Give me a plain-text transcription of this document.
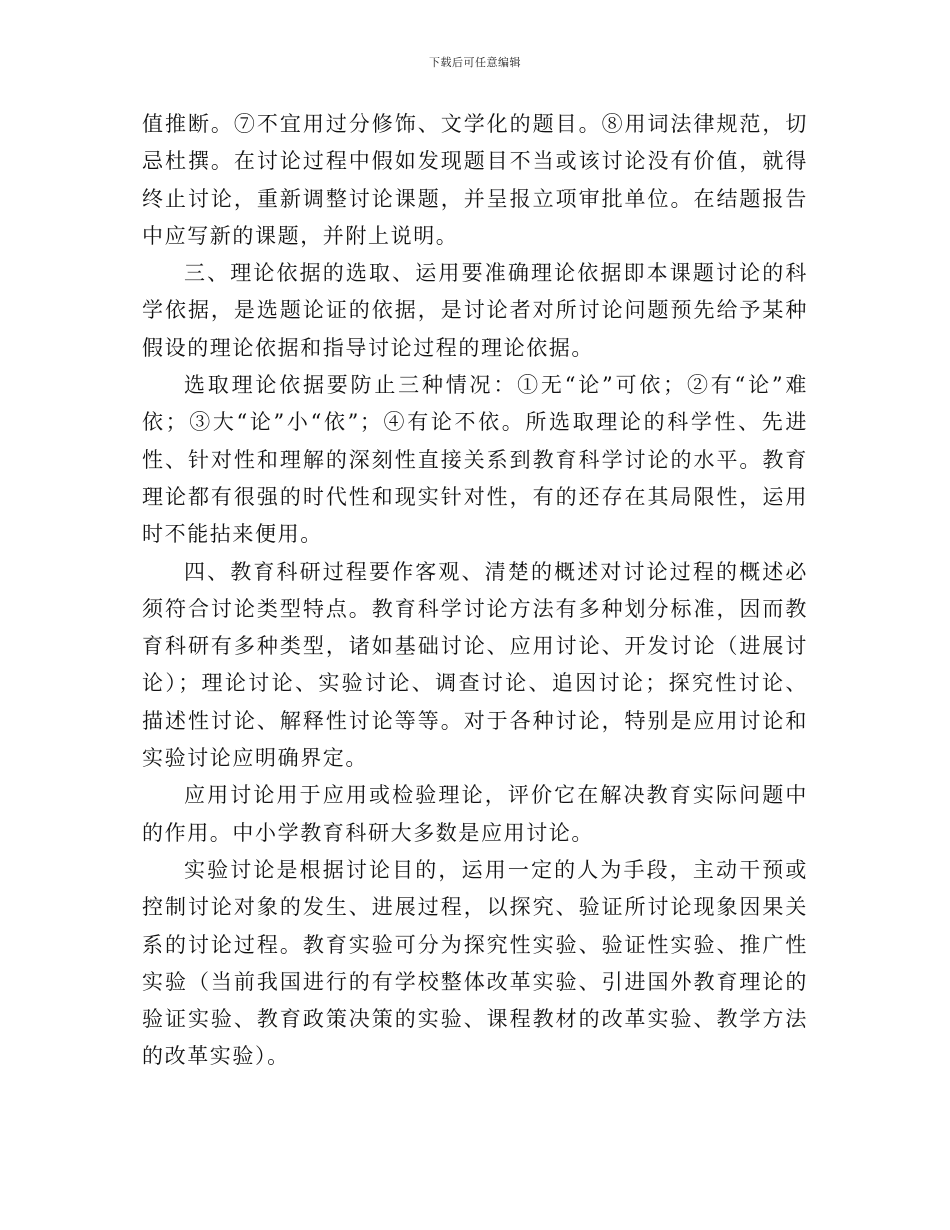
下载后可任意编辑

值推断。⑦不宜用过分修饰、文学化的题目。⑧用词法律规范，切忌杜撰。在讨论过程中假如发现题目不当或该讨论没有价值，就得终止讨论，重新调整讨论课题，并呈报立项审批单位。在结题报告中应写新的课题，并附上说明。

三、理论依据的选取、运用要准确理论依据即本课题讨论的科学依据，是选题论证的依据，是讨论者对所讨论问题预先给予某种假设的理论依据和指导讨论过程的理论依据。

选取理论依据要防止三种情况：①无“论”可依；②有“论”难依；③大“论”小“依”；④有论不依。所选取理论的科学性、先进性、针对性和理解的深刻性直接关系到教育科学讨论的水平。教育理论都有很强的时代性和现实针对性，有的还存在其局限性，运用时不能拈来便用。

四、教育科研过程要作客观、清楚的概述对讨论过程的概述必须符合讨论类型特点。教育科学讨论方法有多种划分标准，因而教育科研有多种类型，诸如基础讨论、应用讨论、开发讨论（进展讨论）；理论讨论、实验讨论、调查讨论、追因讨论；探究性讨论、描述性讨论、解释性讨论等等。对于各种讨论，特别是应用讨论和实验讨论应明确界定。

应用讨论用于应用或检验理论，评价它在解决教育实际问题中的作用。中小学教育科研大多数是应用讨论。

实验讨论是根据讨论目的，运用一定的人为手段，主动干预或控制讨论对象的发生、进展过程，以探究、验证所讨论现象因果关系的讨论过程。教育实验可分为探究性实验、验证性实验、推广性实验（当前我国进行的有学校整体改革实验、引进国外教育理论的验证实验、教育政策决策的实验、课程教材的改革实验、教学方法的改革实验）。
